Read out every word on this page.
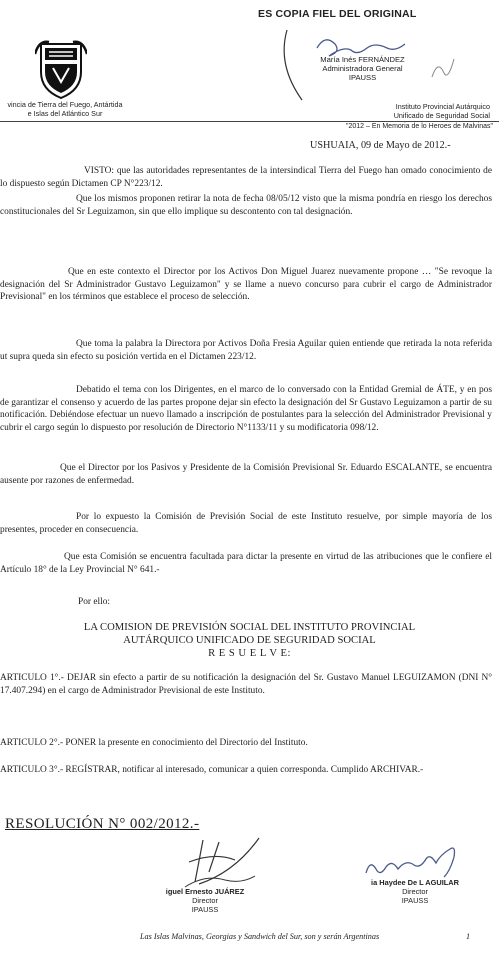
ES COPIA FIEL DEL ORIGINAL
María Inés FERNÁNDEZ
Administradora General
IPAUSS
vincia de Tierra del Fuego, Antártida
e Islas del Atlántico Sur
Instituto Provincial Autárquico
Unificado de Seguridad Social
"2012 – En Memoria de lo Heroes de Malvinas"
USHUAIA, 09 de Mayo de 2012.-
VISTO: que las autoridades representantes de la intersindical Tierra del Fuego han omado conocimiento de lo dispuesto según Dictamen CP N°223/12.
Que los mismos proponen retirar la nota de fecha 08/05/12 visto que la misma pondría en riesgo los derechos constitucionales del Sr Leguizamon, sin que ello implique su descontento con tal designación.
Que en este contexto el Director por los Activos Don Miguel Juarez nuevamente propone … "Se revoque la designación del Sr Administrador Gustavo Leguizamon" y se llame a nuevo concurso para cubrir el cargo de Administrador Previsional" en los términos que establece el proceso de selección.
Que toma la palabra la Directora por Activos Doña Fresia Aguilar quien entiende que retirada la nota referida ut supra queda sin efecto su posición vertida en el Dictamen 223/12.
Debatido el tema con los Dirigentes, en el marco de lo conversado con la Entidad Gremial de ÁTE, y en pos de garantizar el consenso y acuerdo de las partes propone dejar sin efecto la designación del Sr Gustavo Leguizamon a partir de su notificación. Debiéndose efectuar un nuevo llamado a inscripción de postulantes para la selección del Administrador Previsional y cubrir el cargo según lo dispuesto por resolución de Directorio N°1133/11 y su modificatoria 098/12.
Que el Director por los Pasivos y Presidente de la Comisión Previsional Sr. Eduardo ESCALANTE, se encuentra ausente por razones de enfermedad.
Por lo expuesto la Comisión de Previsión Social de este Instituto resuelve, por simple mayoría de los presentes, proceder en consecuencia.
Que esta Comisión se encuentra facultada para dictar la presente en virtud de las atribuciones que le confiere el Artículo 18° de la Ley Provincial N° 641.-
Por ello:
LA COMISION DE PREVISIÓN SOCIAL DEL INSTITUTO PROVINCIAL
AUTÁRQUICO UNIFICADO DE SEGURIDAD SOCIAL
R E S U E L V E:
ARTICULO 1°.- DEJAR sin efecto a partir de su notificación la designación del Sr. Gustavo Manuel LEGUIZAMON (DNI N° 17.407.294) en el cargo de Administrador Previsional de este Instituto.
ARTICULO 2°.- PONER la presente en conocimiento del Directorio del Instituto.
ARTICULO 3°.- REGÍSTRAR, notificar al interesado, comunicar a quien corresponda. Cumplido ARCHIVAR.-
RESOLUCIÓN N° 002/2012.-
iguel Ernesto JUÁREZ
Director
IPAUSS
ia Haydee De L AGUILAR
Director
IPAUSS
Las Islas Malvinas, Georgias y Sandwich del Sur, son y serán Argentinas	1
